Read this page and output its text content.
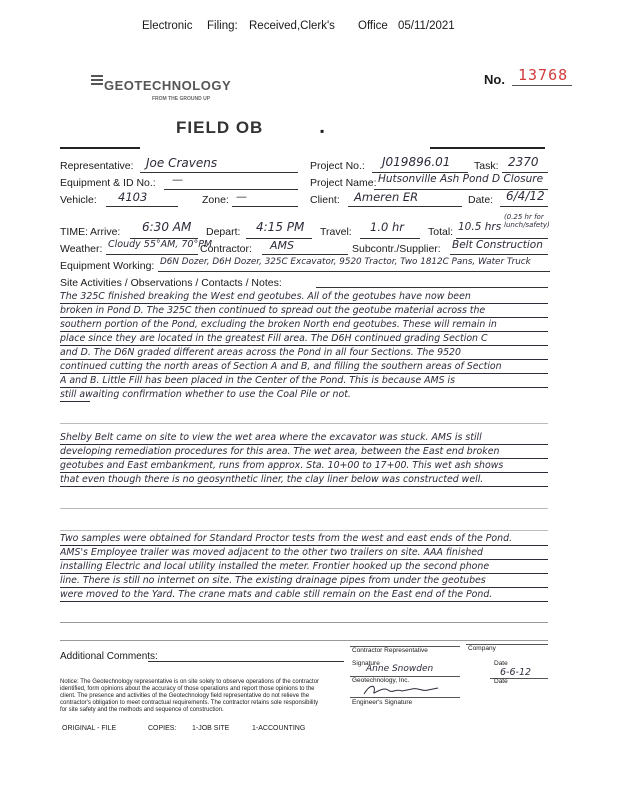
Electronic Filing: Received,Clerk's Office 05/11/2021
GEOTECHNOLOGY
FROM THE GROUND UP
No. 13768
FIELD OB	▪
Representative: Joe Cravens	Project No.: J019896.01 Task: 2370
Equipment & ID No.: —	Project Name: Hutsonville Ash Pond D Closure
Vehicle: 4103	Zone: —	Client: Ameren ER	Date: 6/4/12
TIME: Arrive: 6:30 AM Depart: 4:15 PM Travel: 1.0 hr Total: 10.5 hrs
(0.25 hr for lunch/safety)
Weather: Cloudy 55°AM, 70°PM
Contractor: AMS	Subcontr./Supplier: Belt Construction
Equipment Working: D6N Dozer, D6H Dozer, 325C Excavator, 9520 Tractor, Two 1812C Pans, Water Truck
Site Activities / Observations / Contacts / Notes:
The 325C finished breaking the West end geotubes. All of the geotubes have now been
broken in Pond D. The 325C then continued to spread out the geotube material across the
southern portion of the Pond, excluding the broken North end geotubes. These will remain in
place since they are located in the greatest Fill area. The D6H continued grading Section C
and D. The D6N graded different areas across the Pond in all four Sections. The 9520
continued cutting the north areas of Section A and B, and filling the southern areas of Section
A and B. Little Fill has been placed in the Center of the Pond. This is because AMS is
still awaiting confirmation whether to use the Coal Pile or not.
Shelby Belt came on site to view the wet area where the excavator was stuck. AMS is still
developing remediation procedures for this area. The wet area, between the East end broken
geotubes and East embankment, runs from approx. Sta. 10+00 to 17+00. This wet ash shows
that even though there is no geosynthetic liner, the clay liner below was constructed well.
Two samples were obtained for Standard Proctor tests from the west and east ends of the Pond.
AMS's Employee trailer was moved adjacent to the other two trailers on site. AAA finished
installing Electric and local utility installed the meter. Frontier hooked up the second phone
line. There is still no internet on site. The existing drainage pipes from under the geotubes
were moved to the Yard. The crane mats and cable still remain on the East end of the Pond.
Contractor Representative	Company
Additional Comments:
Signature
Anne Snowden
Date
6-6-12
Geotechnology, Inc.	Date
Engineer's Signature
Notice: The Geotechnology representative is on site solely to observe operations of the contractor
identified, form opinions about the accuracy of those operations and report those opinions to the
client. The presence and activities of the Geotechnology field representative do not relieve the
contractor's obligation to meet contractual requirements. The contractor retains sole responsibility
for site safety and the methods and sequence of construction.
ORIGINAL - FILE	COPIES: 1-JOB SITE	1-ACCOUNTING
